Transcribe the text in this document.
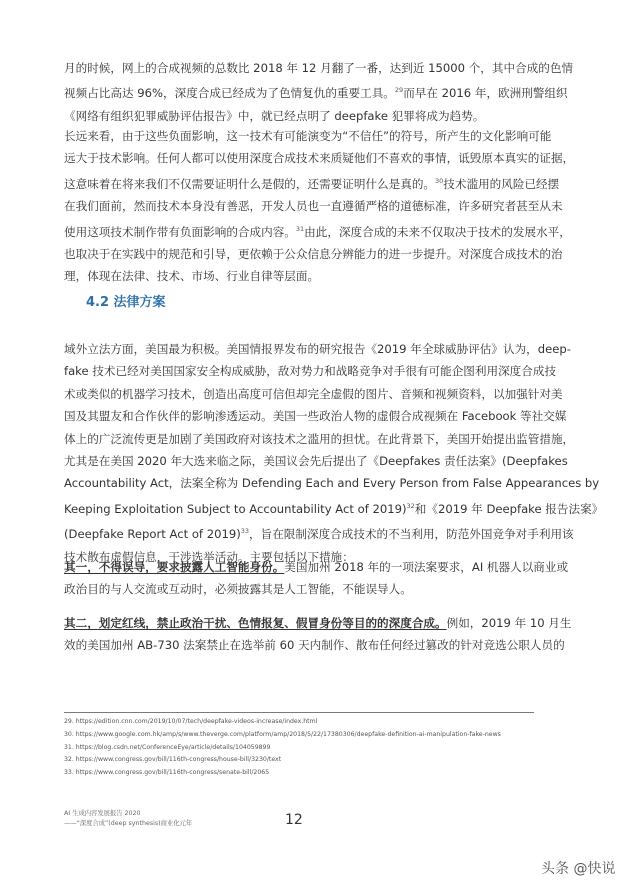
月的时候，网上的合成视频的总数比 2018 年 12 月翻了一番，达到近 15000 个，其中合成的色情
视频占比高达 96%，深度合成已经成为了色情复仇的重要工具。$^{29}$而早在 2016 年，欧洲刑警组织
《网络有组织犯罪威胁评估报告》中，就已经点明了 deepfake 犯罪将成为趋势。
长远来看，由于这些负面影响，这一技术有可能演变为“不信任”的符号，所产生的文化影响可能
远大于技术影响。任何人都可以使用深度合成技术来质疑他们不喜欢的事情，诋毁原本真实的证据，
这意味着在将来我们不仅需要证明什么是假的，还需要证明什么是真的。$^{30}$技术滥用的风险已经摆
在我们面前，然而技术本身没有善恶，开发人员也一直遵循严格的道德标准，许多研究者甚至从未
使用这项技术制作带有负面影响的合成内容。$^{31}$由此，深度合成的未来不仅取决于技术的发展水平，
也取决于在实践中的规范和引导，更依赖于公众信息分辨能力的进一步提升。对深度合成技术的治
理，体现在法律、技术、市场、行业自律等层面。
4.2 法律方案
域外立法方面，美国最为积极。美国情报界发布的研究报告《2019 年全球威胁评估》认为，deep-
fake 技术已经对美国国家安全构成威胁，敌对势力和战略竞争对手很有可能企图利用深度合成技
术或类似的机器学习技术，创造出高度可信但却完全虚假的图片、音频和视频资料，以加强针对美
国及其盟友和合作伙伴的影响渗透运动。美国一些政治人物的虚假合成视频在 Facebook 等社交媒
体上的广泛流传更是加剧了美国政府对该技术之滥用的担忧。在此背景下，美国开始提出监管措施，
尤其是在美国 2020 年大选来临之际，美国议会先后提出了《Deepfakes 责任法案》(Deepfakes
Accountability Act，法案全称为 Defending Each and Every Person from False Appearances by
Keeping Exploitation Subject to Accountability Act of 2019)$^{32}$和《2019 年 Deepfake 报告法案》
(Deepfake Report Act of 2019)$^{33}$，旨在限制深度合成技术的不当利用，防范外国竞争对手利用该
技术散布虚假信息，干涉选举活动。主要包括以下措施：
其一，不得误导，要求披露人工智能身份。美国加州 2018 年的一项法案要求，AI 机器人以商业或
政治目的与人交流或互动时，必须披露其是人工智能，不能误导人。
其二，划定红线，禁止政治干扰、色情报复、假冒身份等目的的深度合成。例如，2019 年 10 月生
效的美国加州 AB-730 法案禁止在选举前 60 天内制作、散布任何经过篡改的针对竞选公职人员的
29. https://edition.cnn.com/2019/10/07/tech/deepfake-videos-increase/index.html
30. https://www.google.com.hk/amp/s/www.theverge.com/platform/amp/2018/5/22/17380306/deepfake-definition-ai-manipulation-fake-news
31. https://blog.csdn.net/ConferenceEye/article/details/104059899
32. https://www.congress.gov/bill/116th-congress/house-bill/3230/text
33. https://www.congress.gov/bill/116th-congress/senate-bill/2065
AI 生成内容发展报告 2020
——“深度合成”(deep synthesis)商业化元年	12
头条 @快说
